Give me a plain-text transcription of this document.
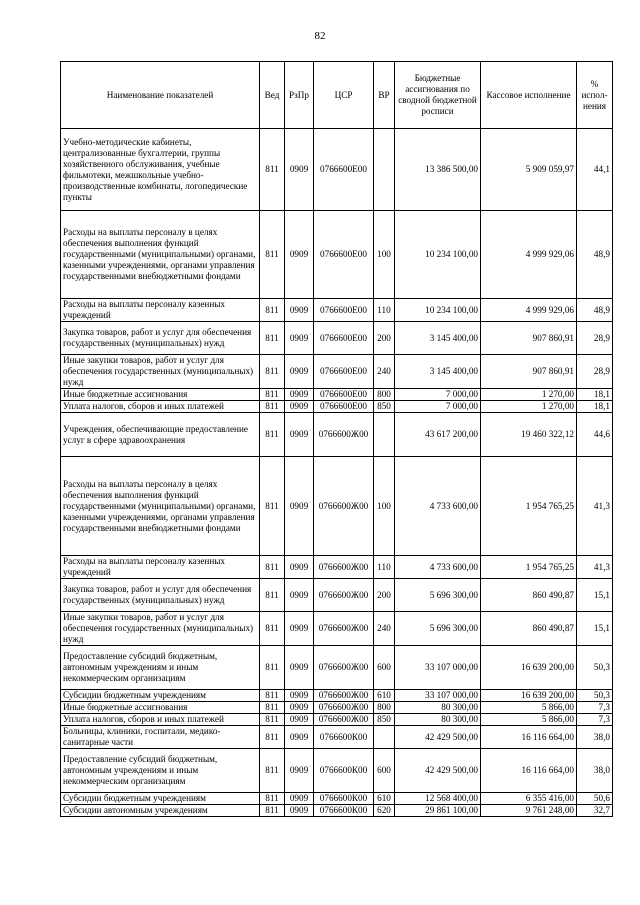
82
Наименование показателей	Вед	РзПр	ЦСР	ВР	Бюджетные ассигнования по сводной бюджетной росписи	Кассовое исполнение	% испол-нения
Учебно-методические кабинеты, централизованные бухгалтерии, группы хозяйственного обслуживания, учебные фильмотеки, межшкольные учебно-производственные комбинаты, логопедические пункты	811	0909	0766600Е00		13 386 500,00	5 909 059,97	44,1
Расходы на выплаты персоналу в целях обеспечения выполнения функций государственными (муниципальными) органами, казенными учреждениями, органами управления государственными внебюджетными фондами	811	0909	0766600Е00	100	10 234 100,00	4 999 929,06	48,9
Расходы на выплаты персоналу казенных учреждений	811	0909	0766600Е00	110	10 234 100,00	4 999 929,06	48,9
Закупка товаров, работ и услуг для обеспечения государственных (муниципальных) нужд	811	0909	0766600Е00	200	3 145 400,00	907 860,91	28,9
Иные закупки товаров, работ и услуг для обеспечения государственных (муниципальных) нужд	811	0909	0766600Е00	240	3 145 400,00	907 860,91	28,9
Иные бюджетные ассигнования	811	0909	0766600Е00	800	7 000,00	1 270,00	18,1
Уплата налогов, сборов и иных платежей	811	0909	0766600Е00	850	7 000,00	1 270,00	18,1
Учреждения, обеспечивающие предоставление услуг в сфере здравоохранения	811	0909	0766600Ж00		43 617 200,00	19 460 322,12	44,6
Расходы на выплаты персоналу в целях обеспечения выполнения функций государственными (муниципальными) органами, казенными учреждениями, органами управления государственными внебюджетными фондами	811	0909	0766600Ж00	100	4 733 600,00	1 954 765,25	41,3
Расходы на выплаты персоналу казенных учреждений	811	0909	0766600Ж00	110	4 733 600,00	1 954 765,25	41,3
Закупка товаров, работ и услуг для обеспечения государственных (муниципальных) нужд	811	0909	0766600Ж00	200	5 696 300,00	860 490,87	15,1
Иные закупки товаров, работ и услуг для обеспечения государственных (муниципальных) нужд	811	0909	0766600Ж00	240	5 696 300,00	860 490,87	15,1
Предоставление субсидий бюджетным, автономным учреждениям и иным некоммерческим организациям	811	0909	0766600Ж00	600	33 107 000,00	16 639 200,00	50,3
Субсидии бюджетным учреждениям	811	0909	0766600Ж00	610	33 107 000,00	16 639 200,00	50,3
Иные бюджетные ассигнования	811	0909	0766600Ж00	800	80 300,00	5 866,00	7,3
Уплата налогов, сборов и иных платежей	811	0909	0766600Ж00	850	80 300,00	5 866,00	7,3
Больницы, клиники, госпитали, медико-санитарные части	811	0909	0766600К00		42 429 500,00	16 116 664,00	38,0
Предоставление субсидий бюджетным, автономным учреждениям и иным некоммерческим организациям	811	0909	0766600К00	600	42 429 500,00	16 116 664,00	38,0
Субсидии бюджетным учреждениям	811	0909	0766600К00	610	12 568 400,00	6 355 416,00	50,6
Субсидии автономным учреждениям	811	0909	0766600К00	620	29 861 100,00	9 761 248,00	32,7
